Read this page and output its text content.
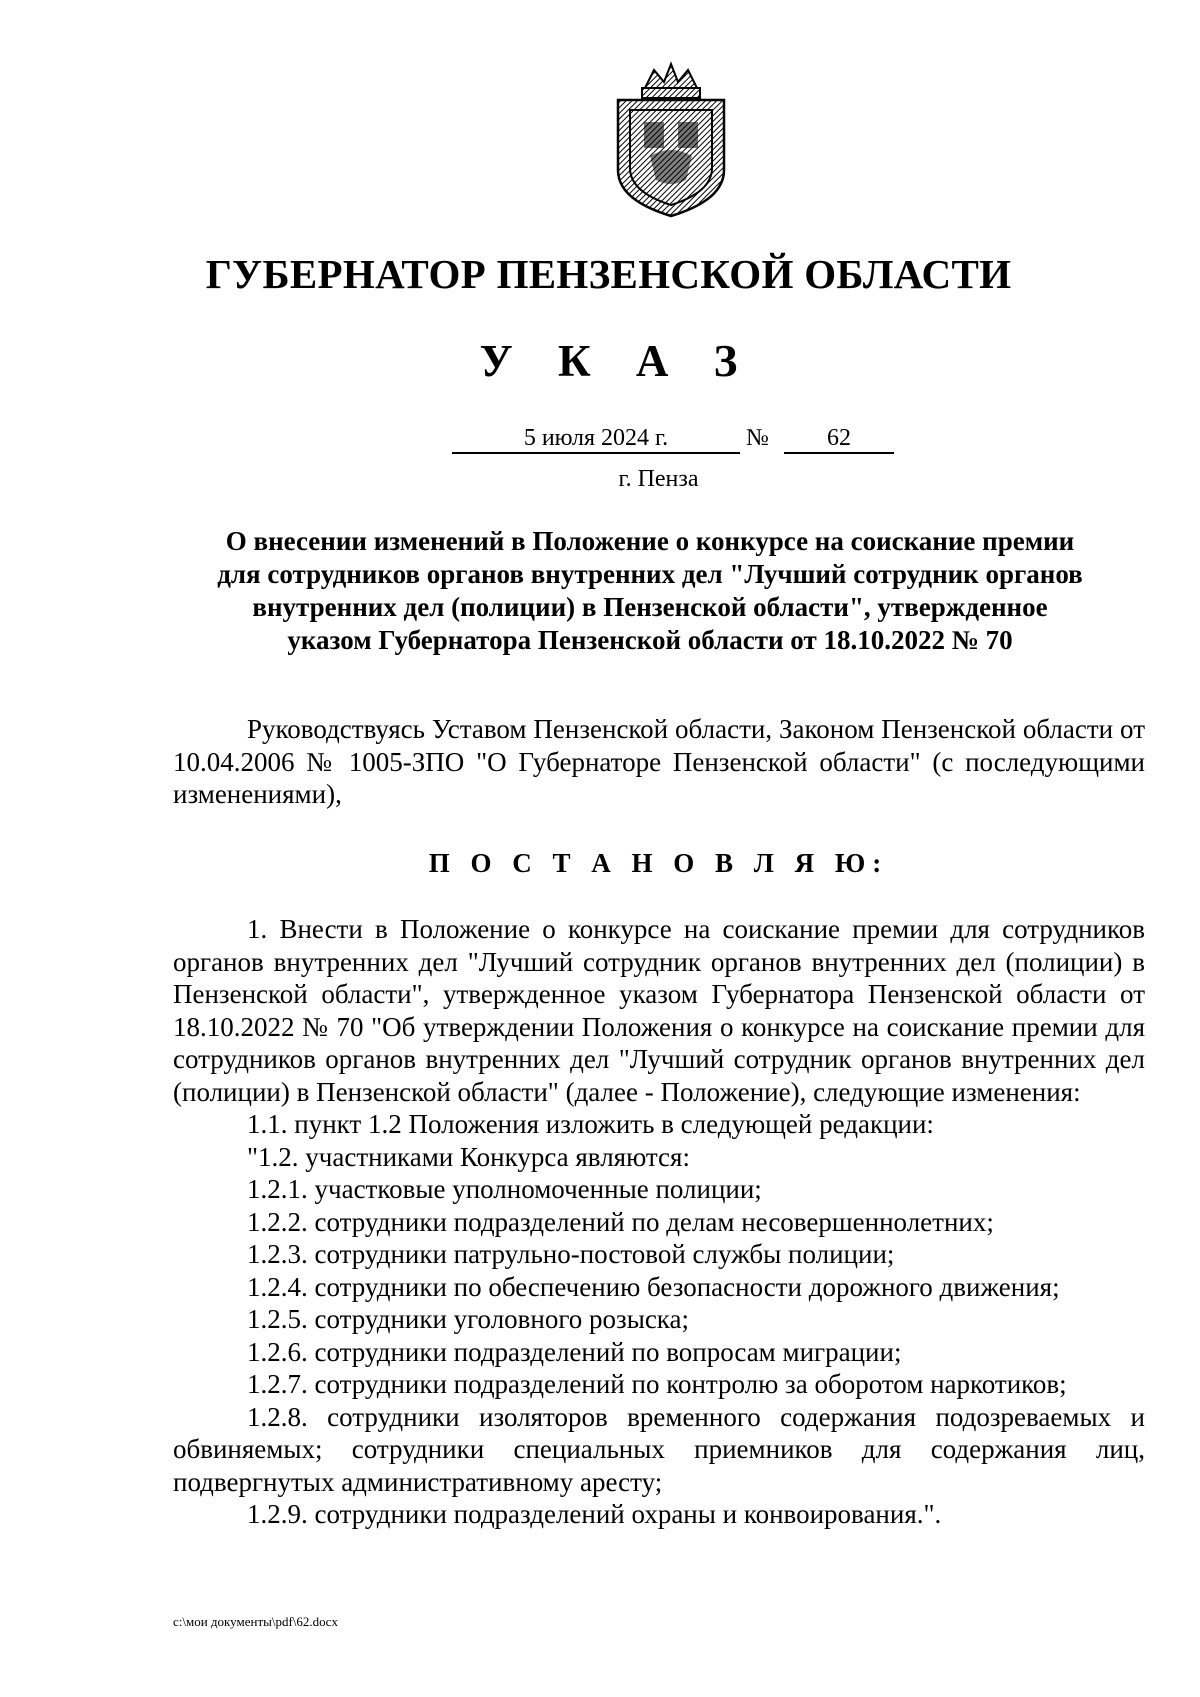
ГУБЕРНАТОР ПЕНЗЕНСКОЙ ОБЛАСТИ
У К А З
5 июля 2024 г.	№	62
г. Пенза
О внесении изменений в Положение о конкурсе на соискание премии
для сотрудников органов внутренних дел "Лучший сотрудник органов
внутренних дел (полиции) в Пензенской области", утвержденное
указом Губернатора Пензенской области от 18.10.2022 № 70

Руководствуясь Уставом Пензенской области, Законом Пензенской области от 10.04.2006 № 1005-ЗПО "О Губернаторе Пензенской области" (с последующими изменениями),

П О С Т А Н О В Л Я Ю:

1. Внести в Положение о конкурсе на соискание премии для сотрудников органов внутренних дел "Лучший сотрудник органов внутренних дел (полиции) в Пензенской области", утвержденное указом Губернатора Пензенской области от 18.10.2022 № 70 "Об утверждении Положения о конкурсе на соискание премии для сотрудников органов внутренних дел "Лучший сотрудник органов внутренних дел (полиции) в Пензенской области" (далее - Положение), следующие изменения:

1.1. пункт 1.2 Положения изложить в следующей редакции:

"1.2. участниками Конкурса являются:

1.2.1. участковые уполномоченные полиции;

1.2.2. сотрудники подразделений по делам несовершеннолетних;

1.2.3. сотрудники патрульно-постовой службы полиции;

1.2.4. сотрудники по обеспечению безопасности дорожного движения;

1.2.5. сотрудники уголовного розыска;

1.2.6. сотрудники подразделений по вопросам миграции;

1.2.7. сотрудники подразделений по контролю за оборотом наркотиков;

1.2.8. сотрудники изоляторов временного содержания подозреваемых и обвиняемых; сотрудники специальных приемников для содержания лиц, подвергнутых административному аресту;

1.2.9. сотрудники подразделений охраны и конвоирования.".

c:\мои документы\pdf\62.docx
